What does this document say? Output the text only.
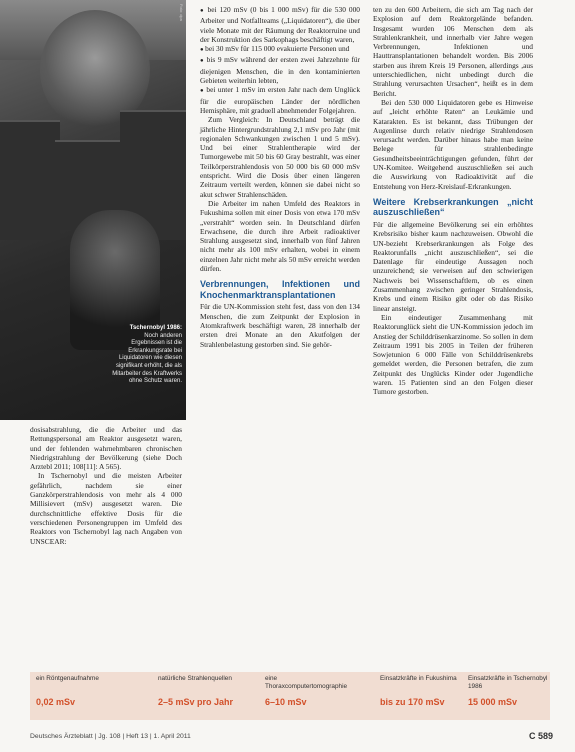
Foto: dpa
Tschernobyl 1986:
Noch anderen Ergebnissen ist die Erkrankungsrate bei Liquidatoren wie diesen signifikant erhöht, die als Mitarbeiter des Kraftwerks ohne Schutz waren.

dosisabstrahlung, die die Arbeiter und das Rettungspersonal am Reaktor ausgesetzt waren, und der fehlenden wahrnehmbaren chronischen Niedrigstrahlung der Bevölkerung (siehe Doch Arztebl 2011; 108[11]: A 565).

In Tschernobyl und die meisten Arbeiter gefährlich, nachdem sie einer Ganzkörperstrahlendosis von mehr als 4 000 Millisievert (mSv) ausgesetzt waren. Die durchschnittliche effektive Dosis für die verschiedenen Personengruppen im Umfeld des Reaktors von Tschernobyl lag nach Angaben von UNSCEAR:

● bei 120 mSv (0 bis 1 000 mSv) für die 530 000 Arbeiter und Notfallteams („Liquidatoren“), die über viele Monate mit der Räumung der Reaktorruine und der Konstruktion des Sarkophags beschäftigt waren,

● bei 30 mSv für 115 000 evakuierte Personen und

● bis 9 mSv während der ersten zwei Jahrzehnte für diejenigen Menschen, die in den kontaminierten Gebieten weiterhin lebten,

● bei unter 1 mSv im ersten Jahr nach dem Unglück für die europäischen Länder der nördlichen Hemisphäre, mit graduell abnehmender Folgejahren.

Zum Vergleich: In Deutschland beträgt die jährliche Hintergrundstrahlung 2,1 mSv pro Jahr (mit regionalen Schwankungen zwischen 1 und 5 mSv). Und bei einer Strahlentherapie wird der Tumorgewebe mit 50 bis 60 Gray bestrahlt, was einer Teilkörperstrahlendosis von 50 000 bis 60 000 mSv entspricht. Wird die Dosis über einen längeren Zeitraum verteilt werden, können sie dabei nicht so akut schwer Strahlenschäden.

Die Arbeiter im nahen Umfeld des Reaktors in Fukushima sollen mit einer Dosis von etwa 170 mSv „verstrahlt“ worden sein. In Deutschland dürfen Erwachsene, die durch ihre Arbeit radioaktiver Strahlung ausgesetzt sind, innerhalb von fünf Jahren nicht mehr als 100 mSv erhalten, wobei in einem einzelnen Jahr nicht mehr als 50 mSv erreicht werden dürfen.

Verbrennungen, Infektionen und Knochenmarktransplantationen

Für die UN-Kommission steht fest, dass von den 134 Menschen, die zum Zeitpunkt der Explosion in Atomkraftwerk beschäftigt waren, 28 innerhalb der ersten drei Monate an den Akutfolgen der Strahlenbelastung gestorben sind. Sie gehör-

ten zu den 600 Arbeitern, die sich am Tag nach der Explosion auf dem Reaktorgelände befanden. Insgesamt wurden 106 Menschen dem als Strahlenkrankheit, und innerhalb vier Jahre wegen Verbrennungen, Infektionen und Hauttransplantationen behandelt worden. Bis 2006 starben aus ihrem Kreis 19 Personen, allerdings ,aus unterschiedlichen, nicht unbedingt durch die Strahlung verursachten Ursachen“, heißt es in dem Bericht.

Bei den 530 000 Liquidatoren gebe es Hinweise auf „leicht erhöhte Raten“ an Leukämie und Katarakten. Es ist bekannt, dass Trübungen der Augenlinse durch relativ niedrige Strahlendosen verursacht werden. Darüber hinaus habe man keine Belege für strahlenbedingte Gesundheitsbeeinträchtigungen gefunden, führt der UN-Komitee. Weitgehend auszuschließen sei auch die Auswirkung von Radioaktivität auf die Entstehung von Herz-Kreislauf-Erkrankungen.

Weitere Krebserkrankungen „nicht auszuschließen“

Für die allgemeine Bevölkerung sei ein erhöhtes Krebsrisiko bisher kaum nachzuweisen. Obwohl die UN-bezieht Krebserkrankungen als Folge des Reaktorunfalls „nicht auszuschließen“, sei die Datenlage für eindeutige Aussagen noch unzureichend; sie verweisen auf den schwierigen Nachweis bei Wissenschaftlern, ob es einen Zusammenhang zwischen geringer Strahlendosis, Krebs und einem Risiko gibt oder ob das Risiko linear ansteigt.

Ein eindeutiger Zusammenhang mit Reaktorunglück sieht die UN-Kommission jedoch im Anstieg der Schilddrüsenkarzinome. So sollen in dem Zeitraum 1991 bis 2005 in Teilen der früheren Sowjetunion 6 000 Fälle von Schilddrüsenkrebs gemeldet werden, die Personen betrafen, die zum Zeitpunkt des Unglücks Kinder oder Jugendliche waren. 15 Patienten sind an den Folgen dieser Tumore gestorben.

ein Röntgenaufnahme
0,02 mSv
natürliche Strahlenquellen
2–5 mSv pro Jahr
eine Thoraxcomputertomographie
6–10 mSv
Einsatzkräfte in Fukushima
bis zu 170 mSv
Einsatzkräfte in Tschernobyl 1986
15 000 mSv
Deutsches Ärzteblatt | Jg. 108 | Heft 13 | 1. April 2011	C 589
